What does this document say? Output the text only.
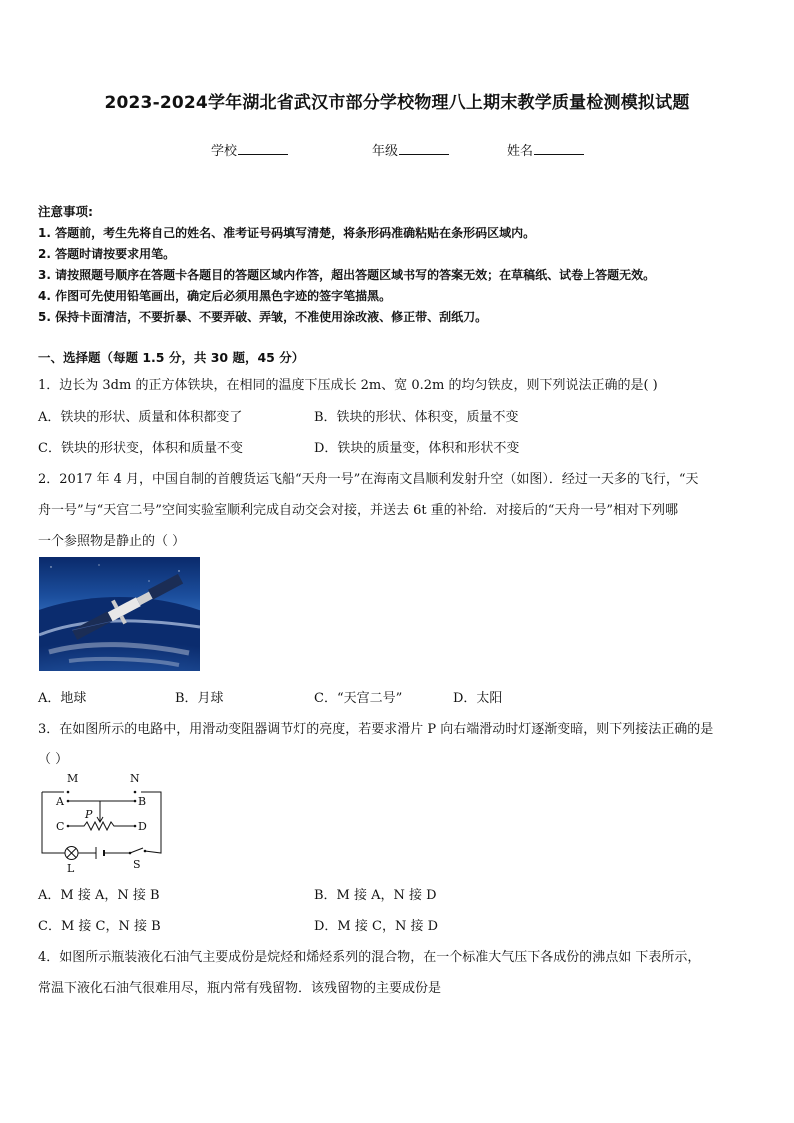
2023-2024学年湖北省武汉市部分学校物理八上期末教学质量检测模拟试题
学校	年级	姓名
注意事项:
1. 答题前，考生先将自己的姓名、准考证号码填写清楚，将条形码准确粘贴在条形码区域内。
2. 答题时请按要求用笔。
3. 请按照题号顺序在答题卡各题目的答题区域内作答，超出答题区域书写的答案无效；在草稿纸、试卷上答题无效。
4. 作图可先使用铅笔画出，确定后必须用黑色字迹的签字笔描黑。
5. 保持卡面清洁，不要折暴、不要弄破、弄皱，不准使用涂改液、修正带、刮纸刀。
一、选择题（每题 1.5 分，共 30 题，45 分）
1．边长为 3dm 的正方体铁块，在相同的温度下压成长 2m、宽 0.2m 的均匀铁皮，则下列说法正确的是( )
A．铁块的形状、质量和体积都变了	B．铁块的形状、体积变，质量不变
C．铁块的形状变，体积和质量不变	D．铁块的质量变，体积和形状不变
2．2017 年 4 月，中国自制的首艘货运飞船“天舟一号”在海南文昌顺利发射升空（如图）．经过一天多的飞行，“天
舟一号”与“天宫二号”空间实验室顺利完成自动交会对接，并送去 6t 重的补给．对接后的“天舟一号”相对下列哪
一个参照物是静止的（ ）
A．地球	B．月球	C．“天宫二号”	D．太阳
3．在如图所示的电路中，用滑动变阻器调节灯的亮度，若要求滑片 P 向右端滑动时灯逐渐变暗，则下列接法正确的是
（ ）
M	N
A	B
C	D
P
L	S
A．M 接 A，N 接 B	B．M 接 A，N 接 D
C．M 接 C，N 接 B	D．M 接 C，N 接 D
4．如图所示瓶装液化石油气主要成份是烷烃和烯烃系列的混合物，在一个标准大气压下各成份的沸点如 下表所示，
常温下液化石油气很难用尽，瓶内常有残留物．该残留物的主要成份是
